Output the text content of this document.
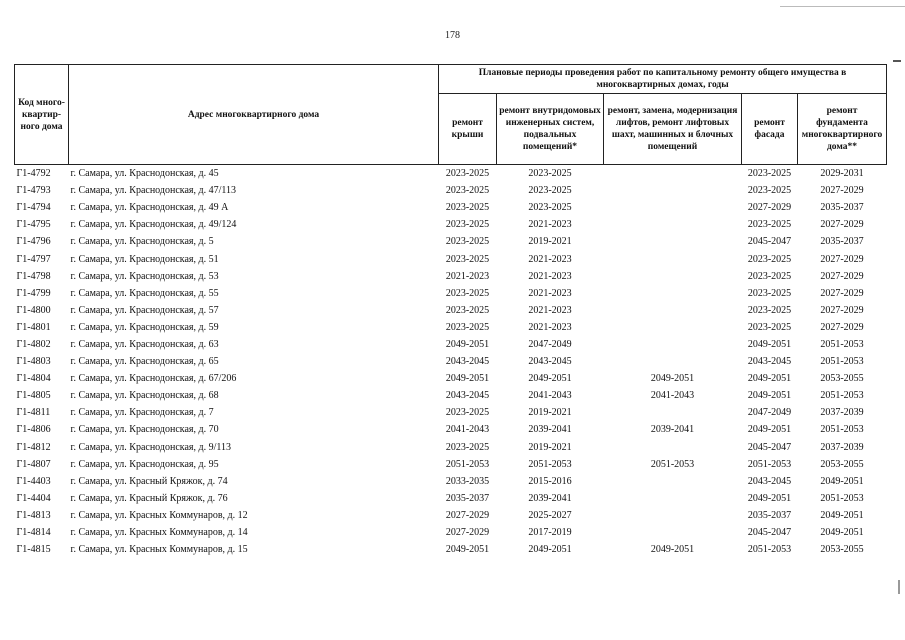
178
Код много-квартир-ного дома	Адрес многоквартирного дома	Плановые периоды проведения работ по капитальному ремонту общего имущества в многоквартирных домах, годы				
		ремонт крыши	ремонт внутридомовых инженерных систем, подвальных помещений*	ремонт, замена, модернизация лифтов, ремонт лифтовых шахт, машинных и блочных помещений	ремонт фасада	ремонт фундамента многоквартирного дома**
Г1-4792	г. Самара, ул. Краснодонская, д. 45	2023-2025	2023-2025		2023-2025	2029-2031
Г1-4793	г. Самара, ул. Краснодонская, д. 47/113	2023-2025	2023-2025		2023-2025	2027-2029
Г1-4794	г. Самара, ул. Краснодонская, д. 49 А	2023-2025	2023-2025		2027-2029	2035-2037
Г1-4795	г. Самара, ул. Краснодонская, д. 49/124	2023-2025	2021-2023		2023-2025	2027-2029
Г1-4796	г. Самара, ул. Краснодонская, д. 5	2023-2025	2019-2021		2045-2047	2035-2037
Г1-4797	г. Самара, ул. Краснодонская, д. 51	2023-2025	2021-2023		2023-2025	2027-2029
Г1-4798	г. Самара, ул. Краснодонская, д. 53	2021-2023	2021-2023		2023-2025	2027-2029
Г1-4799	г. Самара, ул. Краснодонская, д. 55	2023-2025	2021-2023		2023-2025	2027-2029
Г1-4800	г. Самара, ул. Краснодонская, д. 57	2023-2025	2021-2023		2023-2025	2027-2029
Г1-4801	г. Самара, ул. Краснодонская, д. 59	2023-2025	2021-2023		2023-2025	2027-2029
Г1-4802	г. Самара, ул. Краснодонская, д. 63	2049-2051	2047-2049		2049-2051	2051-2053
Г1-4803	г. Самара, ул. Краснодонская, д. 65	2043-2045	2043-2045		2043-2045	2051-2053
Г1-4804	г. Самара, ул. Краснодонская, д. 67/206	2049-2051	2049-2051	2049-2051	2049-2051	2053-2055
Г1-4805	г. Самара, ул. Краснодонская, д. 68	2043-2045	2041-2043	2041-2043	2049-2051	2051-2053
Г1-4811	г. Самара, ул. Краснодонская, д. 7	2023-2025	2019-2021		2047-2049	2037-2039
Г1-4806	г. Самара, ул. Краснодонская, д. 70	2041-2043	2039-2041	2039-2041	2049-2051	2051-2053
Г1-4812	г. Самара, ул. Краснодонская, д. 9/113	2023-2025	2019-2021		2045-2047	2037-2039
Г1-4807	г. Самара, ул. Краснодонская, д. 95	2051-2053	2051-2053	2051-2053	2051-2053	2053-2055
Г1-4403	г. Самара, ул. Красный Кряжок, д. 74	2033-2035	2015-2016		2043-2045	2049-2051
Г1-4404	г. Самара, ул. Красный Кряжок, д. 76	2035-2037	2039-2041		2049-2051	2051-2053
Г1-4813	г. Самара, ул. Красных Коммунаров, д. 12	2027-2029	2025-2027		2035-2037	2049-2051
Г1-4814	г. Самара, ул. Красных Коммунаров, д. 14	2027-2029	2017-2019		2045-2047	2049-2051
Г1-4815	г. Самара, ул. Красных Коммунаров, д. 15	2049-2051	2049-2051	2049-2051	2051-2053	2053-2055
